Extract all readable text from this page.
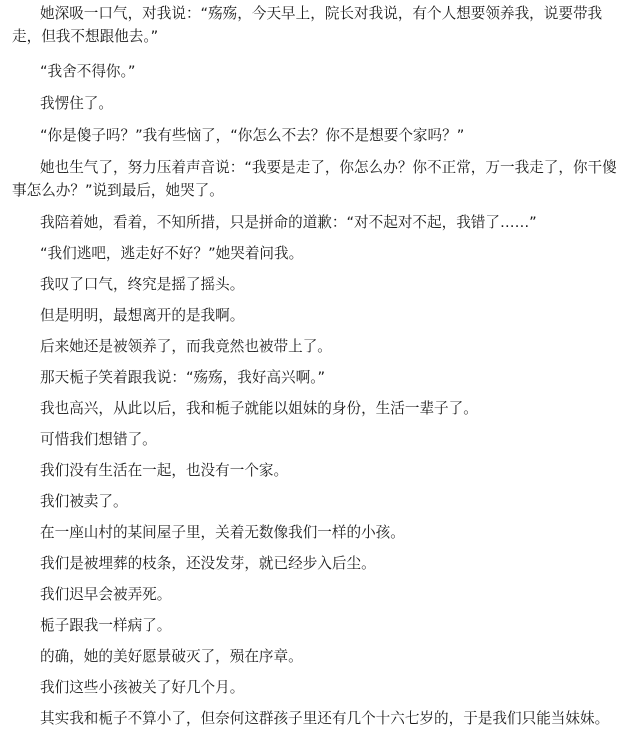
她深吸一口气，对我说：“殇殇，今天早上，院长对我说，有个人想要领养我，说要带我走，但我不想跟他去。”

“我舍不得你。”

我愣住了。

“你是傻子吗？”我有些恼了，“你怎么不去？你不是想要个家吗？”

她也生气了，努力压着声音说：“我要是走了，你怎么办？你不正常，万一我走了，你干傻事怎么办？”说到最后，她哭了。

我陪着她，看着，不知所措，只是拼命的道歉：“对不起对不起，我错了……”

“我们逃吧，逃走好不好？”她哭着问我。

我叹了口气，终究是摇了摇头。

但是明明，最想离开的是我啊。

后来她还是被领养了，而我竟然也被带上了。

那天栀子笑着跟我说：“殇殇，我好高兴啊。”

我也高兴，从此以后，我和栀子就能以姐妹的身份，生活一辈子了。

可惜我们想错了。

我们没有生活在一起，也没有一个家。

我们被卖了。

在一座山村的某间屋子里，关着无数像我们一样的小孩。

我们是被埋葬的枝条，还没发芽，就已经步入后尘。

我们迟早会被弄死。

栀子跟我一样病了。

的确，她的美好愿景破灭了，殒在序章。

我们这些小孩被关了好几个月。

其实我和栀子不算小了，但奈何这群孩子里还有几个十六七岁的，于是我们只能当妹妹。
